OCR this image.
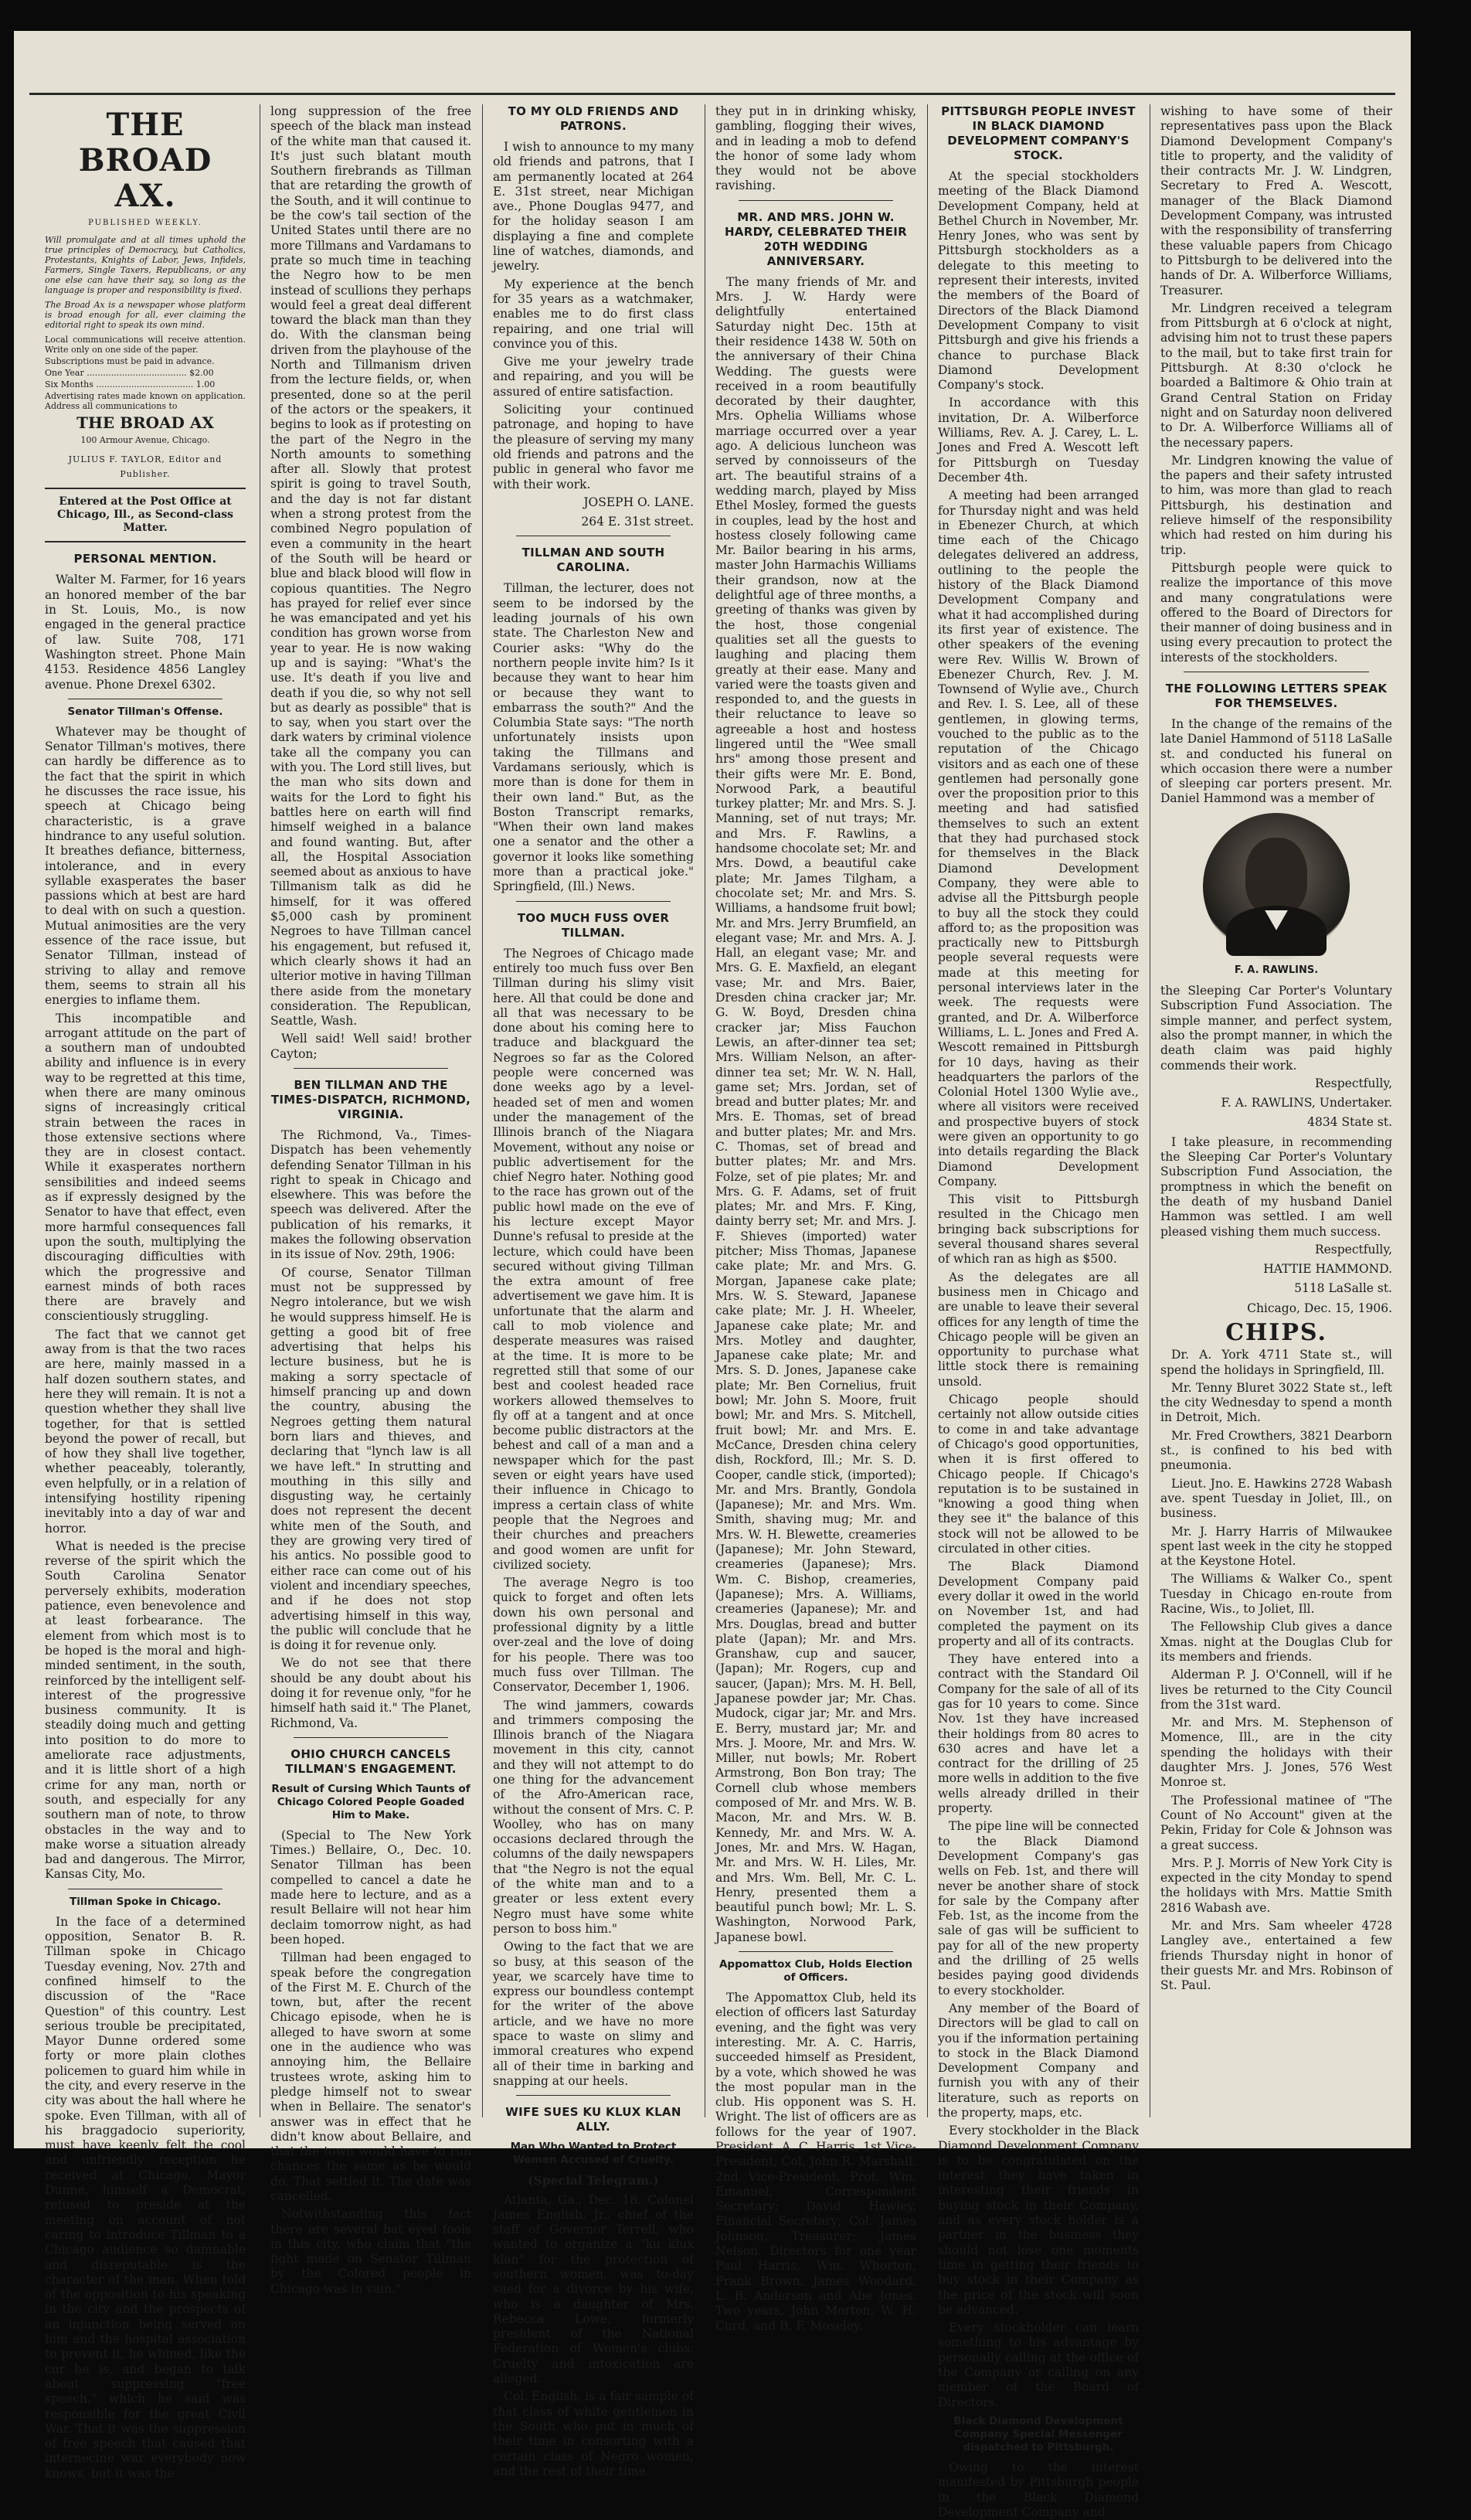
THE BROAD AX.
PUBLISHED WEEKLY.
Will promulgate and at all times uphold the true principles of Democracy, but Catholics, Protestants, Knights of Labor, Jews, Infidels, Farmers, Single Taxers, Republicans, or any one else can have their say, so long as the language is proper and responsibility is fixed.
The Broad Ax is a newspaper whose platform is broad enough for all, ever claiming the editorial right to speak its own mind.
Local communications will receive attention. Write only on one side of the paper.
Subscriptions must be paid in advance.
One Year ..................................... $2.00
Six Months .................................... 1.00
Advertising rates made known on application. Address all communications to
THE BROAD AX
100 Armour Avenue, Chicago.
JULIUS F. TAYLOR, Editor and Publisher.
Entered at the Post Office at Chicago, Ill., as Second-class Matter.
PERSONAL MENTION.

Walter M. Farmer, for 16 years an honored member of the bar in St. Louis, Mo., is now engaged in the general practice of law. Suite 708, 171 Washington street. Phone Main 4153. Residence 4856 Langley avenue. Phone Drexel 6302.

Senator Tillman's Offense.

Whatever may be thought of Senator Tillman's motives, there can hardly be difference as to the fact that the spirit in which he discusses the race issue, his speech at Chicago being characteristic, is a grave hindrance to any useful solution. It breathes defiance, bitterness, intolerance, and in every syllable exasperates the baser passions which at best are hard to deal with on such a question. Mutual animosities are the very essence of the race issue, but Senator Tillman, instead of striving to allay and remove them, seems to strain all his energies to inflame them.

This incompatible and arrogant attitude on the part of a southern man of undoubted ability and influence is in every way to be regretted at this time, when there are many ominous signs of increasingly critical strain between the races in those extensive sections where they are in closest contact. While it exasperates northern sensibilities and indeed seems as if expressly designed by the Senator to have that effect, even more harmful consequences fall upon the south, multiplying the discouraging difficulties with which the progressive and earnest minds of both races there are bravely and conscientiously struggling.

The fact that we cannot get away from is that the two races are here, mainly massed in a half dozen southern states, and here they will remain. It is not a question whether they shall live together, for that is settled beyond the power of recall, but of how they shall live together, whether peaceably, tolerantly, even helpfully, or in a relation of intensifying hostility ripening inevitably into a day of war and horror.

What is needed is the precise reverse of the spirit which the South Carolina Senator perversely exhibits, moderation patience, even benevolence and at least forbearance. The element from which most is to be hoped is the moral and high-minded sentiment, in the south, reinforced by the intelligent self-interest of the progressive business community. It is steadily doing much and getting into position to do more to ameliorate race adjustments, and it is little short of a high crime for any man, north or south, and especially for any southern man of note, to throw obstacles in the way and to make worse a situation already bad and dangerous. The Mirror, Kansas City, Mo.

Tillman Spoke in Chicago.

In the face of a determined opposition, Senator B. R. Tillman spoke in Chicago Tuesday evening, Nov. 27th and confined himself to the discussion of the "Race Question" of this country. Lest serious trouble be precipitated, Mayor Dunne ordered some forty or more plain clothes policemen to guard him while in the city, and every reserve in the city was about the hall where he spoke. Even Tillman, with all of his braggadocio superiority, must have keenly felt the cool and unfriendly reception he received at Chicago. Mayor Dunne, himself a Democrat, refused to preside at the meeting on account of not caring to introduce Tillman to a Chicago audience so damnable and disreputable is the character of the man. When told of the opposition to his speaking in the city and the prospects of an injunction being served on him and the hospital association to prevent it, he whined, like the cur he is, and began to talk about suppressing "free speech," which he said was responsible for the great Civil War. That it was the suppression of free speech that caused that internecine war everybody now knows, but it was the

long suppression of the free speech of the black man instead of the white man that caused it. It's just such blatant mouth Southern firebrands as Tillman that are retarding the growth of the South, and it will continue to be the cow's tail section of the United States until there are no more Tillmans and Vardamans to prate so much time in teaching the Negro how to be men instead of scullions they perhaps would feel a great deal different toward the black man than they do. With the clansman being driven from the playhouse of the North and Tillmanism driven from the lecture fields, or, when presented, done so at the peril of the actors or the speakers, it begins to look as if protesting on the part of the Negro in the North amounts to something after all. Slowly that protest spirit is going to travel South, and the day is not far distant when a strong protest from the combined Negro population of even a community in the heart of the South will be heard or blue and black blood will flow in copious quantities. The Negro has prayed for relief ever since he was emancipated and yet his condition has grown worse from year to year. He is now waking up and is saying: "What's the use. It's death if you live and death if you die, so why not sell but as dearly as possible" that is to say, when you start over the dark waters by criminal violence take all the company you can with you. The Lord still lives, but the man who sits down and waits for the Lord to fight his battles here on earth will find himself weighed in a balance and found wanting. But, after all, the Hospital Association seemed about as anxious to have Tillmanism talk as did he himself, for it was offered $5,000 cash by prominent Negroes to have Tillman cancel his engagement, but refused it, which clearly shows it had an ulterior motive in having Tillman there aside from the monetary consideration. The Republican, Seattle, Wash.

Well said! Well said! brother Cayton;

BEN TILLMAN AND THE TIMES-DISPATCH, RICHMOND, VIRGINIA.

The Richmond, Va., Times-Dispatch has been vehemently defending Senator Tillman in his right to speak in Chicago and elsewhere. This was before the speech was delivered. After the publication of his remarks, it makes the following observation in its issue of Nov. 29th, 1906:

Of course, Senator Tillman must not be suppressed by Negro intolerance, but we wish he would suppress himself. He is getting a good bit of free advertising that helps his lecture business, but he is making a sorry spectacle of himself prancing up and down the country, abusing the Negroes getting them natural born liars and thieves, and declaring that "lynch law is all we have left." In strutting and mouthing in this silly and disgusting way, he certainly does not represent the decent white men of the South, and they are growing very tired of his antics. No possible good to either race can come out of his violent and incendiary speeches, and if he does not stop advertising himself in this way, the public will conclude that he is doing it for revenue only.

We do not see that there should be any doubt about his doing it for revenue only, "for he himself hath said it." The Planet, Richmond, Va.

OHIO CHURCH CANCELS TILLMAN'S ENGAGEMENT.
Result of Cursing Which Taunts of Chicago Colored People Goaded Him to Make.

(Special to The New York Times.) Bellaire, O., Dec. 10. Senator Tillman has been compelled to cancel a date he made here to lecture, and as a result Bellaire will not hear him declaim tomorrow night, as had been hoped.

Tillman had been engaged to speak before the congregation of the First M. E. Church of the town, but, after the recent Chicago episode, when he is alleged to have sworn at some one in the audience who was annoying him, the Bellaire trustees wrote, asking him to pledge himself not to swear when in Bellaire. The senator's answer was in effect that he didn't know about Bellaire, and that the town would have to run chances the same as he would do. That settled it. The date was cancelled.

Notwithstanding this fact there are several bat eyed fools in this city, who claim that "the fight made on Senator Tillman by the Colored people in Chicago was in vain."

TO MY OLD FRIENDS AND PATRONS.

I wish to announce to my many old friends and patrons, that I am permanently located at 264 E. 31st street, near Michigan ave., Phone Douglas 9477, and for the holiday season I am displaying a fine and complete line of watches, diamonds, and jewelry.

My experience at the bench for 35 years as a watchmaker, enables me to do first class repairing, and one trial will convince you of this.

Give me your jewelry trade and repairing, and you will be assured of entire satisfaction.

Soliciting your continued patronage, and hoping to have the pleasure of serving my many old friends and patrons and the public in general who favor me with their work.

JOSEPH O. LANE.
264 E. 31st street.
TILLMAN AND SOUTH CAROLINA.

Tillman, the lecturer, does not seem to be indorsed by the leading journals of his own state. The Charleston New and Courier asks: "Why do the northern people invite him? Is it because they want to hear him or because they want to embarrass the south?" And the Columbia State says: "The north unfortunately insists upon taking the Tillmans and Vardamans seriously, which is more than is done for them in their own land." But, as the Boston Transcript remarks, "When their own land makes one a senator and the other a governor it looks like something more than a practical joke." Springfield, (Ill.) News.

TOO MUCH FUSS OVER TILLMAN.

The Negroes of Chicago made entirely too much fuss over Ben Tillman during his slimy visit here. All that could be done and all that was necessary to be done about his coming here to traduce and blackguard the Negroes so far as the Colored people were concerned was done weeks ago by a level-headed set of men and women under the management of the Illinois branch of the Niagara Movement, without any noise or public advertisement for the chief Negro hater. Nothing good to the race has grown out of the public howl made on the eve of his lecture except Mayor Dunne's refusal to preside at the lecture, which could have been secured without giving Tillman the extra amount of free advertisement we gave him. It is unfortunate that the alarm and call to mob violence and desperate measures was raised at the time. It is more to be regretted still that some of our best and coolest headed race workers allowed themselves to fly off at a tangent and at once become public distractors at the behest and call of a man and a newspaper which for the past seven or eight years have used their influence in Chicago to impress a certain class of white people that the Negroes and their churches and preachers and good women are unfit for civilized society.

The average Negro is too quick to forget and often lets down his own personal and professional dignity by a little over-zeal and the love of doing for his people. There was too much fuss over Tillman. The Conservator, December 1, 1906.

The wind jammers, cowards and trimmers composing the Illinois branch of the Niagara movement in this city, cannot and they will not attempt to do one thing for the advancement of the Afro-American race, without the consent of Mrs. C. P. Woolley, who has on many occasions declared through the columns of the daily newspapers that "the Negro is not the equal of the white man and to a greater or less extent every Negro must have some white person to boss him."

Owing to the fact that we are so busy, at this season of the year, we scarcely have time to express our boundless contempt for the writer of the above article, and we have no more space to waste on slimy and immoral creatures who expend all of their time in barking and snapping at our heels.

WIFE SUES KU KLUX KLAN ALLY.
Man Who Wanted to Protect Women Accused of Cruelty.
(Special Telegram.)

Atlanta, Ga., Dec. 18. Colonel James English, Jr., chief of the staff of Governor Terrell, who wanted to organize a "ku klux klan" for the protection of southern women, was to-day sued for a divorce by his wife, who is a daughter of Mrs. Rebecca Lowe, formerly president of the National Federation of Women's clubs. Cruelty and intoxication are alleged.

Col. English, is a fair sample of that class of white gentlemen in the South who put in much of their time in consorting with a certain class of Negro women, and the rest of their time

they put in in drinking whisky, gambling, flogging their wives, and in leading a mob to defend the honor of some lady whom they would not be above ravishing.

MR. AND MRS. JOHN W. HARDY, CELEBRATED THEIR 20TH WEDDING ANNIVERSARY.

The many friends of Mr. and Mrs. J. W. Hardy were delightfully entertained Saturday night Dec. 15th at their residence 1438 W. 50th on the anniversary of their China Wedding. The guests were received in a room beautifully decorated by their daughter, Mrs. Ophelia Williams whose marriage occurred over a year ago. A delicious luncheon was served by connoisseurs of the art. The beautiful strains of a wedding march, played by Miss Ethel Mosley, formed the guests in couples, lead by the host and hostess closely following came Mr. Bailor bearing in his arms, master John Harmachis Williams their grandson, now at the delightful age of three months, a greeting of thanks was given by the host, those congenial qualities set all the guests to laughing and placing them greatly at their ease. Many and varied were the toasts given and responded to, and the guests in their reluctance to leave so agreeable a host and hostess lingered until the "Wee small hrs" among those present and their gifts were Mr. E. Bond, Norwood Park, a beautiful turkey platter; Mr. and Mrs. S. J. Manning, set of nut trays; Mr. and Mrs. F. Rawlins, a handsome chocolate set; Mr. and Mrs. Dowd, a beautiful cake plate; Mr. James Tilgham, a chocolate set; Mr. and Mrs. S. Williams, a handsome fruit bowl; Mr. and Mrs. Jerry Brumfield, an elegant vase; Mr. and Mrs. A. J. Hall, an elegant vase; Mr. and Mrs. G. E. Maxfield, an elegant vase; Mr. and Mrs. Baier, Dresden china cracker jar; Mr. G. W. Boyd, Dresden china cracker jar; Miss Fauchon Lewis, an after-dinner tea set; Mrs. William Nelson, an after-dinner tea set; Mr. W. N. Hall, game set; Mrs. Jordan, set of bread and butter plates; Mr. and Mrs. E. Thomas, set of bread and butter plates; Mr. and Mrs. C. Thomas, set of bread and butter plates; Mr. and Mrs. Folze, set of pie plates; Mr. and Mrs. G. F. Adams, set of fruit plates; Mr. and Mrs. F. King, dainty berry set; Mr. and Mrs. J. F. Shieves (imported) water pitcher; Miss Thomas, Japanese cake plate; Mr. and Mrs. G. Morgan, Japanese cake plate; Mrs. W. S. Steward, Japanese cake plate; Mr. J. H. Wheeler, Japanese cake plate; Mr. and Mrs. Motley and daughter, Japanese cake plate; Mr. and Mrs. S. D. Jones, Japanese cake plate; Mr. Ben Cornelius, fruit bowl; Mr. John S. Moore, fruit bowl; Mr. and Mrs. S. Mitchell, fruit bowl; Mr. and Mrs. E. McCance, Dresden china celery dish, Rockford, Ill.; Mr. S. D. Cooper, candle stick, (imported); Mr. and Mrs. Brantly, Gondola (Japanese); Mr. and Mrs. Wm. Smith, shaving mug; Mr. and Mrs. W. H. Blewette, creameries (Japanese); Mr. John Steward, creameries (Japanese); Mrs. Wm. C. Bishop, creameries, (Japanese); Mrs. A. Williams, creameries (Japanese); Mr. and Mrs. Douglas, bread and butter plate (Japan); Mr. and Mrs. Granshaw, cup and saucer, (Japan); Mr. Rogers, cup and saucer, (Japan); Mrs. M. H. Bell, Japanese powder jar; Mr. Chas. Mudock, cigar jar; Mr. and Mrs. E. Berry, mustard jar; Mr. and Mrs. J. Moore, Mr. and Mrs. W. Miller, nut bowls; Mr. Robert Armstrong, Bon Bon tray; The Cornell club whose members composed of Mr. and Mrs. W. B. Macon, Mr. and Mrs. W. B. Kennedy, Mr. and Mrs. W. A. Jones, Mr. and Mrs. W. Hagan, Mr. and Mrs. W. H. Liles, Mr. and Mrs. Wm. Bell, Mr. C. L. Henry, presented them a beautiful punch bowl; Mr. L. S. Washington, Norwood Park, Japanese bowl.

Appomattox Club, Holds Election of Officers.

The Appomattox Club, held its election of officers last Saturday evening, and the fight was very interesting. Mr. A. C. Harris, succeeded himself as President, by a vote, which showed he was the most popular man in the club. His opponent was S. H. Wright. The list of officers are as follows for the year of 1907. President, A. C. Harris, 1st Vice-President, Col. John R. Marshall, 2nd Vice-President, Prof. Wm. Emanuel, Correspondent Secretary; David Hawley, Financial Secretary; Col. James Johnson, Treasurer; James Nelson. Directors for one year Paul Harris, Wm. Whorton, Frank Brown, James Woodard, L. B. Anderson and Abe Jones. Two years, John Morton, W. H. Curd, and B. F. Moseley.

PITTSBURGH PEOPLE INVEST IN BLACK DIAMOND DEVELOPMENT COMPANY'S STOCK.

At the special stockholders meeting of the Black Diamond Development Company, held at Bethel Church in November, Mr. Henry Jones, who was sent by Pittsburgh stockholders as a delegate to this meeting to represent their interests, invited the members of the Board of Directors of the Black Diamond Development Company to visit Pittsburgh and give his friends a chance to purchase Black Diamond Development Company's stock.

In accordance with this invitation, Dr. A. Wilberforce Williams, Rev. A. J. Carey, L. L. Jones and Fred A. Wescott left for Pittsburgh on Tuesday December 4th.

A meeting had been arranged for Thursday night and was held in Ebenezer Church, at which time each of the Chicago delegates delivered an address, outlining to the people the history of the Black Diamond Development Company and what it had accomplished during its first year of existence. The other speakers of the evening were Rev. Willis W. Brown of Ebenezer Church, Rev. J. M. Townsend of Wylie ave., Church and Rev. I. S. Lee, all of these gentlemen, in glowing terms, vouched to the public as to the reputation of the Chicago visitors and as each one of these gentlemen had personally gone over the proposition prior to this meeting and had satisfied themselves to such an extent that they had purchased stock for themselves in the Black Diamond Development Company, they were able to advise all the Pittsburgh people to buy all the stock they could afford to; as the proposition was practically new to Pittsburgh people several requests were made at this meeting for personal interviews later in the week. The requests were granted, and Dr. A. Wilberforce Williams, L. L. Jones and Fred A. Wescott remained in Pittsburgh for 10 days, having as their headquarters the parlors of the Colonial Hotel 1300 Wylie ave., where all visitors were received and prospective buyers of stock were given an opportunity to go into details regarding the Black Diamond Development Company.

This visit to Pittsburgh resulted in the Chicago men bringing back subscriptions for several thousand shares several of which ran as high as $500.

As the delegates are all business men in Chicago and are unable to leave their several offices for any length of time the Chicago people will be given an opportunity to purchase what little stock there is remaining unsold.

Chicago people should certainly not allow outside cities to come in and take advantage of Chicago's good opportunities, when it is first offered to Chicago people. If Chicago's reputation is to be sustained in "knowing a good thing when they see it" the balance of this stock will not be allowed to be circulated in other cities.

The Black Diamond Development Company paid every dollar it owed in the world on November 1st, and had completed the payment on its property and all of its contracts.

They have entered into a contract with the Standard Oil Company for the sale of all of its gas for 10 years to come. Since Nov. 1st they have increased their holdings from 80 acres to 630 acres and have let a contract for the drilling of 25 more wells in addition to the five wells already drilled in their property.

The pipe line will be connected to the Black Diamond Development Company's gas wells on Feb. 1st, and there will never be another share of stock for sale by the Company after Feb. 1st, as the income from the sale of gas will be sufficient to pay for all of the new property and the drilling of 25 wells besides paying good dividends to every stockholder.

Any member of the Board of Directors will be glad to call on you if the information pertaining to stock in the Black Diamond Development Company and furnish you with any of their literature, such as reports on the property, maps, etc.

Every stockholder in the Black Diamond Development Company is to be congratulated on the interest they have taken in interesting their friends in buying stock in their Company, and as every stock holder is a partner in the business they should not lose one moments time in getting their friends to buy stock in their Company as the price of the stock will soon be advanced.

Every stockholder can learn something to his advantage by personally calling at the office of the Company or calling on any member of the Board of Directors.

Black Diamond Development Company Special Messenger dispatched to Pittsburgh.

Owing to the interest manifested by Pittsburgh people in the Black Diamond Development Company and

wishing to have some of their representatives pass upon the Black Diamond Development Company's title to property, and the validity of their contracts Mr. J. W. Lindgren, Secretary to Fred A. Wescott, manager of the Black Diamond Development Company, was intrusted with the responsibility of transferring these valuable papers from Chicago to Pittsburgh to be delivered into the hands of Dr. A. Wilberforce Williams, Treasurer.

Mr. Lindgren received a telegram from Pittsburgh at 6 o'clock at night, advising him not to trust these papers to the mail, but to take first train for Pittsburgh. At 8:30 o'clock he boarded a Baltimore & Ohio train at Grand Central Station on Friday night and on Saturday noon delivered to Dr. A. Wilberforce Williams all of the necessary papers.

Mr. Lindgren knowing the value of the papers and their safety intrusted to him, was more than glad to reach Pittsburgh, his destination and relieve himself of the responsibility which had rested on him during his trip.

Pittsburgh people were quick to realize the importance of this move and many congratulations were offered to the Board of Directors for their manner of doing business and in using every precaution to protect the interests of the stockholders.

THE FOLLOWING LETTERS SPEAK FOR THEMSELVES.

In the change of the remains of the late Daniel Hammond of 5118 LaSalle st. and conducted his funeral on which occasion there were a number of sleeping car porters present. Mr. Daniel Hammond was a member of

F. A. RAWLINS.

the Sleeping Car Porter's Voluntary Subscription Fund Association. The simple manner, and perfect system, also the prompt manner, in which the death claim was paid highly commends their work.

Respectfully,
F. A. RAWLINS, Undertaker.
4834 State st.

I take pleasure, in recommending the Sleeping Car Porter's Voluntary Subscription Fund Association, the promptness in which the benefit on the death of my husband Daniel Hammon was settled. I am well pleased vishing them much success.

Respectfully,
HATTIE HAMMOND.
5118 LaSalle st.
Chicago, Dec. 15, 1906.
CHIPS.

Dr. A. York 4711 State st., will spend the holidays in Springfield, Ill.

Mr. Tenny Bluret 3022 State st., left the city Wednesday to spend a month in Detroit, Mich.

Mr. Fred Crowthers, 3821 Dearborn st., is confined to his bed with pneumonia.

Lieut. Jno. E. Hawkins 2728 Wabash ave. spent Tuesday in Joliet, Ill., on business.

Mr. J. Harry Harris of Milwaukee spent last week in the city he stopped at the Keystone Hotel.

The Williams & Walker Co., spent Tuesday in Chicago en-route from Racine, Wis., to Joliet, Ill.

The Fellowship Club gives a dance Xmas. night at the Douglas Club for its members and friends.

Alderman P. J. O'Connell, will if he lives be returned to the City Council from the 31st ward.

Mr. and Mrs. M. Stephenson of Momence, Ill., are in the city spending the holidays with their daughter Mrs. J. Jones, 576 West Monroe st.

The Professional matinee of "The Count of No Account" given at the Pekin, Friday for Cole & Johnson was a great success.

Mrs. P. J. Morris of New York City is expected in the city Monday to spend the holidays with Mrs. Mattie Smith 2816 Wabash ave.

Mr. and Mrs. Sam wheeler 4728 Langley ave., entertained a few friends Thursday night in honor of their guests Mr. and Mrs. Robinson of St. Paul.
